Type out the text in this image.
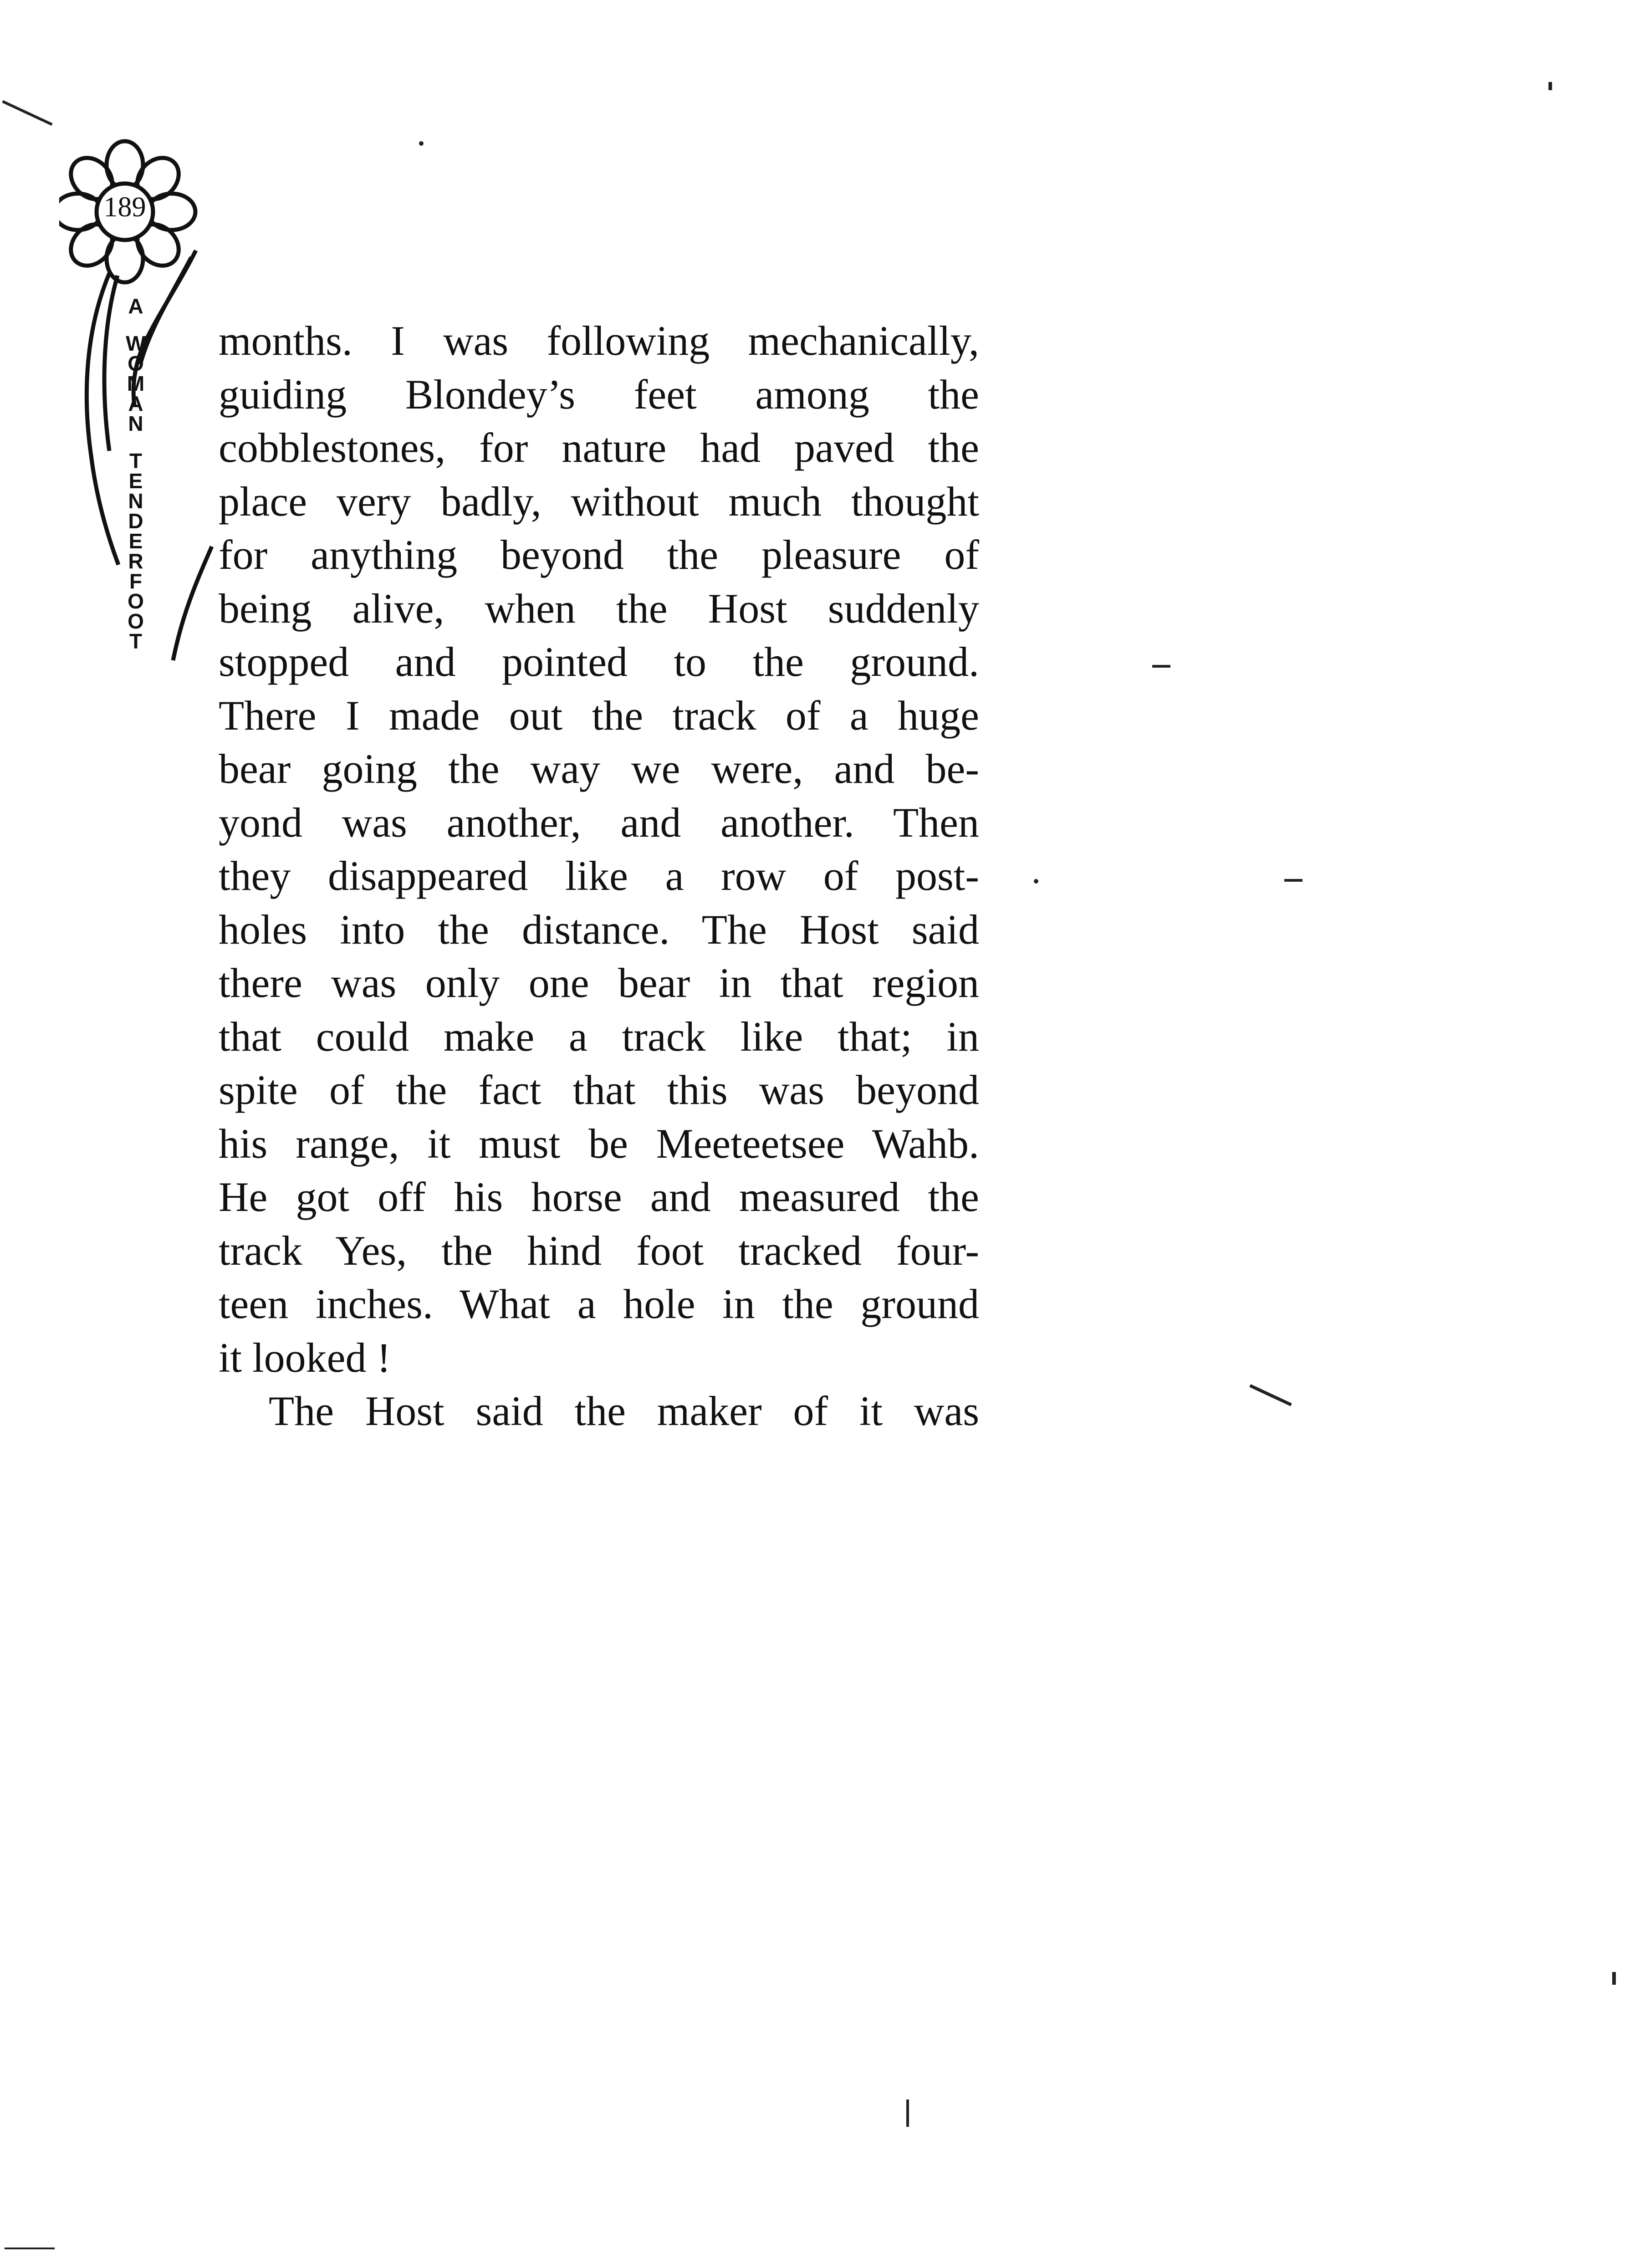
189
A
W
O
M
A
N
T
E
N
D
E
R
F
O
O
T
months. I was following mechanically,
guiding Blondey’s feet among the
cobblestones, for nature had paved the
place very badly, without much thought
for anything beyond the pleasure of
being alive, when the Host suddenly
stopped and pointed to the ground.
There I made out the track of a huge
bear going the way we were, and be-
yond was another, and another. Then
they disappeared like a row of post-
holes into the distance. The Host said
there was only one bear in that region
that could make a track like that; in
spite of the fact that this was beyond
his range, it must be Meeteetsee Wahb.
He got off his horse and measured the
track Yes, the hind foot tracked four-
teen inches. What a hole in the ground
it looked !
The Host said the maker of it was
